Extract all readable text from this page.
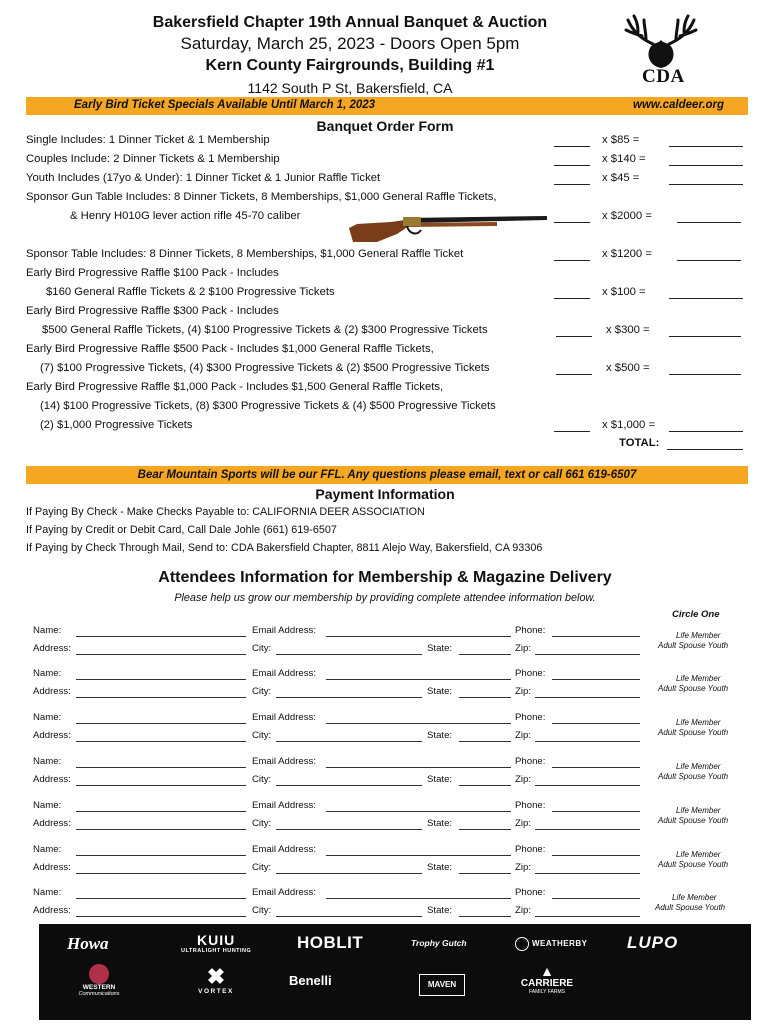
Bakersfield Chapter 19th Annual Banquet & Auction
Saturday, March 25, 2023 - Doors Open 5pm
Kern County Fairgrounds, Building #1
1142 South P St, Bakersfield, CA
CDA
Early Bird Ticket Specials Available Until March 1, 2023	www.caldeer.org
Banquet Order Form
Single Includes: 1 Dinner Ticket & 1 Membership	x $85 =
Couples Include: 2 Dinner Tickets & 1 Membership	x $140 =
Youth Includes (17yo & Under): 1 Dinner Ticket & 1 Junior Raffle Ticket	x $45 =
Sponsor Gun Table Includes: 8 Dinner Tickets, 8 Memberships, $1,000 General Raffle Tickets,
& Henry H010G lever action rifle 45-70 caliber	x $2000 =
Sponsor Table Includes: 8 Dinner Tickets, 8 Memberships, $1,000 General Raffle Ticket	x $1200 =
Early Bird Progressive Raffle $100 Pack - Includes
$160 General Raffle Tickets & 2 $100 Progressive Tickets	x $100 =
Early Bird Progressive Raffle $300 Pack - Includes
$500 General Raffle Tickets, (4) $100 Progressive Tickets & (2) $300 Progressive Tickets	x $300 =
Early Bird Progressive Raffle $500 Pack - Includes $1,000 General Raffle Tickets,
(7) $100 Progressive Tickets, (4) $300 Progressive Tickets & (2) $500 Progressive Tickets	x $500 =
Early Bird Progressive Raffle $1,000 Pack - Includes $1,500 General Raffle Tickets,
(14) $100 Progressive Tickets, (8) $300 Progressive Tickets & (4) $500 Progressive Tickets
(2) $1,000 Progressive Tickets	x $1,000 =
TOTAL:
Bear Mountain Sports will be our FFL. Any questions please email, text or call 661 619-6507
Payment Information
If Paying By Check - Make Checks Payable to: CALIFORNIA DEER ASSOCIATION
If Paying by Credit or Debit Card, Call Dale Johle (661) 619-6507
If Paying by Check Through Mail, Send to: CDA Bakersfield Chapter, 8811 Alejo Way, Bakersfield, CA 93306
Attendees Information for Membership & Magazine Delivery
Please help us grow our membership by providing complete attendee information below.
Circle One
Name:	Email Address:	Phone:
Address:	City:	State:	Zip:
Life Member
Adult Spouse Youth
Name:	Email Address:	Phone:
Address:	City:	State:	Zip:
Life Member
Adult Spouse Youth
Name:	Email Address:	Phone:
Address:	City:	State:	Zip:
Life Member
Adult Spouse Youth
Name:	Email Address:	Phone:
Address:	City:	State:	Zip:
Life Member
Adult Spouse Youth
Name:	Email Address:	Phone:
Address:	City:	State:	Zip:
Life Member
Adult Spouse Youth
Name:	Email Address:	Phone:
Address:	City:	State:	Zip:
Life Member
Adult Spouse Youth
Name:	Email Address:	Phone:
Address:	City:	State:	Zip:
Life Member
Adult Spouse Youth
Howa	KUIU
ULTRALIGHT HUNTING	HOBLIT	Trophy Gutch	WEATHERBY LUPO
WESTERN
Communications
✖
VORTEX
Benelli	MAVEN
▲
CARRIERE
FAMILY FARMS
